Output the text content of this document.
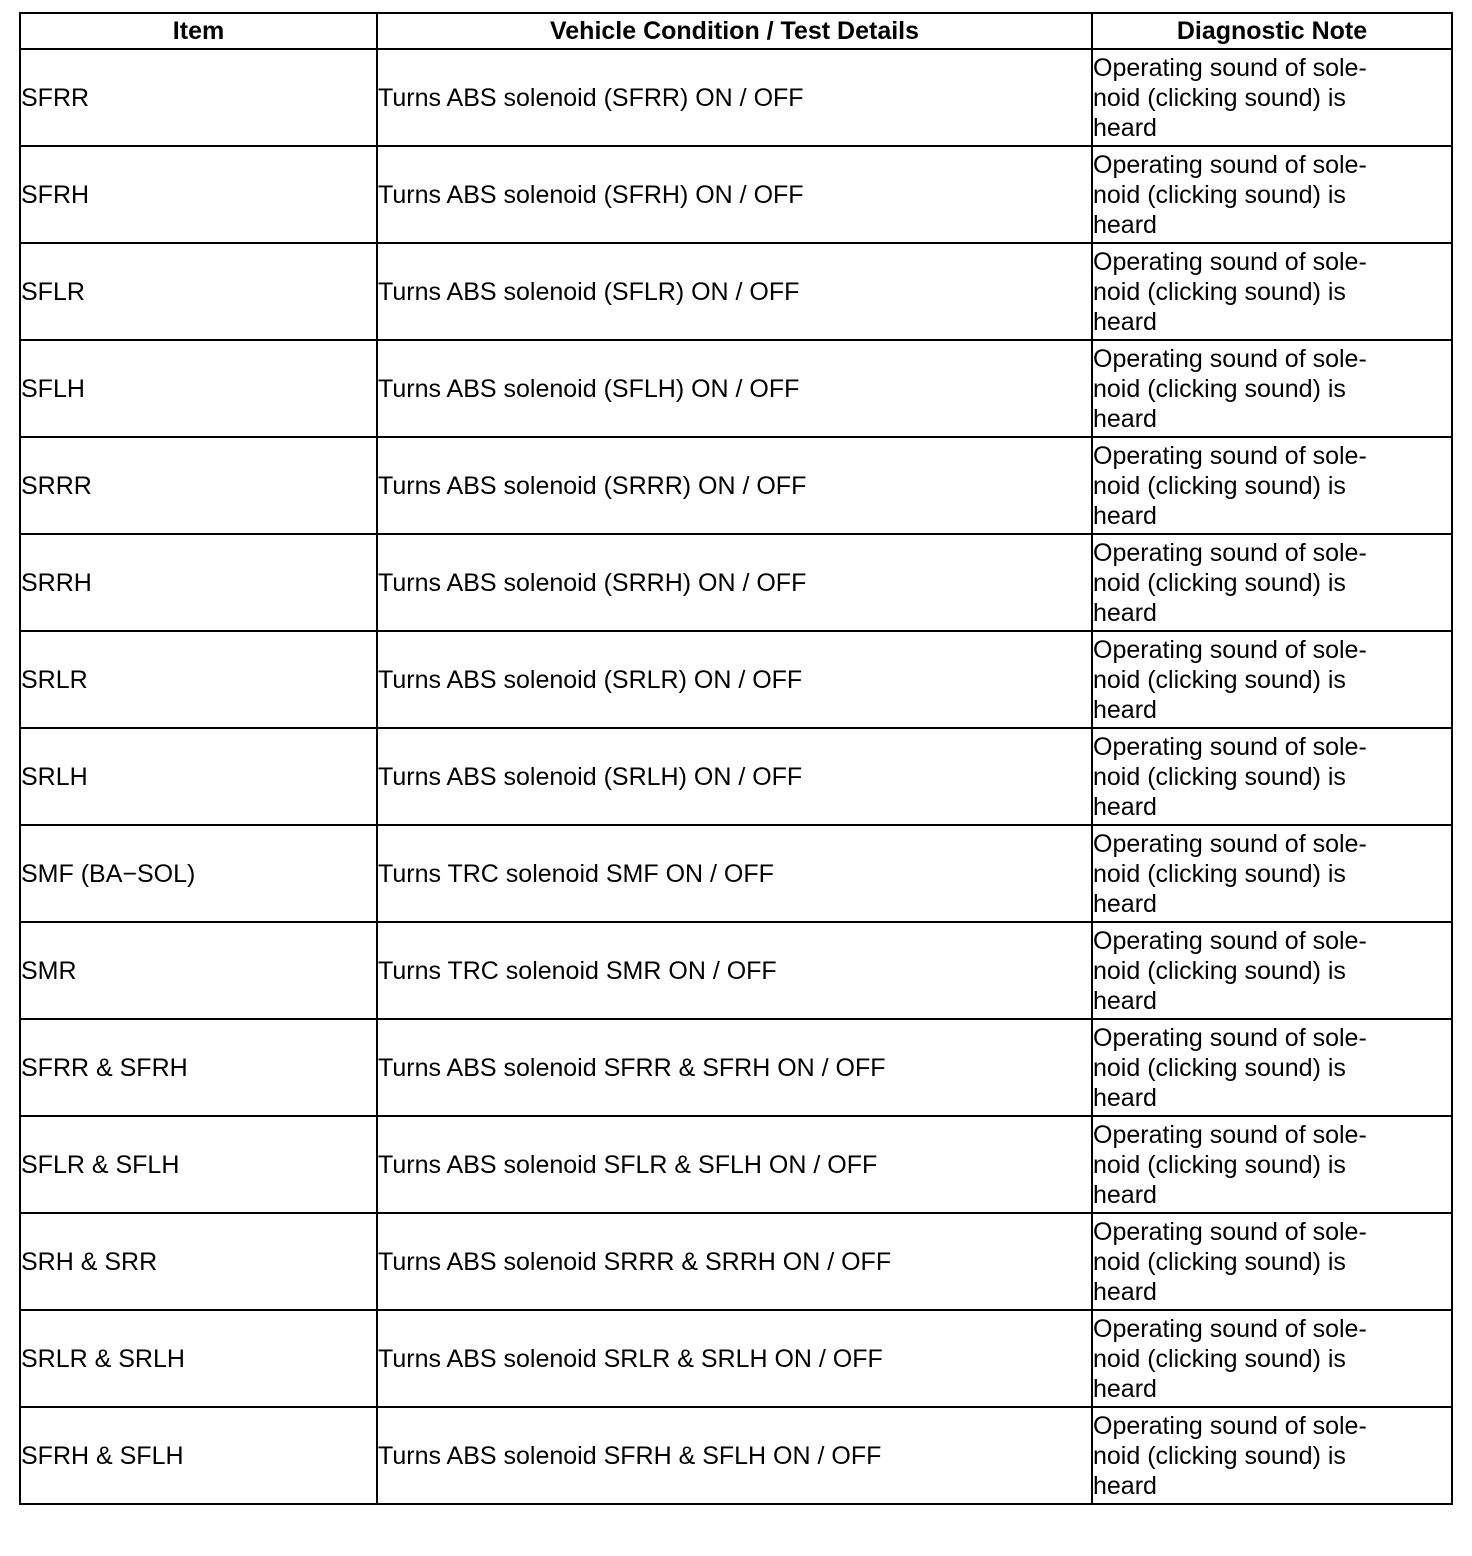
Item	Vehicle Condition / Test Details	Diagnostic Note
SFRR	Turns ABS solenoid (SFRR) ON / OFF	Operating sound of sole-
noid (clicking sound) is
heard

SFRH	Turns ABS solenoid (SFRH) ON / OFF	Operating sound of sole-
noid (clicking sound) is
heard

SFLR	Turns ABS solenoid (SFLR) ON / OFF	Operating sound of sole-
noid (clicking sound) is
heard

SFLH	Turns ABS solenoid (SFLH) ON / OFF	Operating sound of sole-
noid (clicking sound) is
heard

SRRR	Turns ABS solenoid (SRRR) ON / OFF	Operating sound of sole-
noid (clicking sound) is
heard

SRRH	Turns ABS solenoid (SRRH) ON / OFF	Operating sound of sole-
noid (clicking sound) is
heard

SRLR	Turns ABS solenoid (SRLR) ON / OFF	Operating sound of sole-
noid (clicking sound) is
heard

SRLH	Turns ABS solenoid (SRLH) ON / OFF	Operating sound of sole-
noid (clicking sound) is
heard

SMF (BA−SOL)	Turns TRC solenoid SMF ON / OFF	Operating sound of sole-
noid (clicking sound) is
heard

SMR	Turns TRC solenoid SMR ON / OFF	Operating sound of sole-
noid (clicking sound) is
heard

SFRR & SFRH	Turns ABS solenoid SFRR & SFRH ON / OFF	Operating sound of sole-
noid (clicking sound) is
heard

SFLR & SFLH	Turns ABS solenoid SFLR & SFLH ON / OFF	Operating sound of sole-
noid (clicking sound) is
heard

SRH & SRR	Turns ABS solenoid SRRR & SRRH ON / OFF	Operating sound of sole-
noid (clicking sound) is
heard

SRLR & SRLH	Turns ABS solenoid SRLR & SRLH ON / OFF	Operating sound of sole-
noid (clicking sound) is
heard

SFRH & SFLH	Turns ABS solenoid SFRH & SFLH ON / OFF	Operating sound of sole-
noid (clicking sound) is
heard
